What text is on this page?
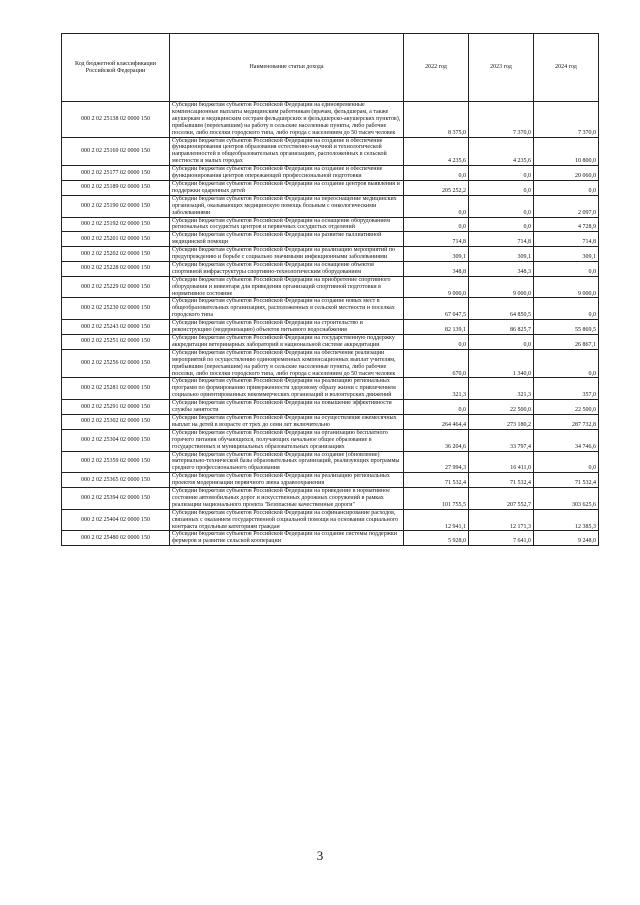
Код бюджетной классификации Российской Федерации	Наименование статьи дохода	2022 год	2023 год	2024 год
000 2 02 25138 02 0000 150	Субсидии бюджетам субъектов Российской Федерации на единовременные компенсационные выплаты медицинским работникам (врачам, фельдшерам, а также акушеркам и медицинским сестрам фельдшерских и фельдшерско-акушерских пунктов), прибывшим (переехавшим) на работу в сельские населенные пункты, либо рабочие поселки, либо поселки городского типа, либо города с населением до 50 тысяч человек	8 375,0	7 370,0	7 370,0
000 2 02 25169 02 0000 150	Субсидии бюджетам субъектов Российской Федерации на создание и обеспечение функционирования центров образования естественно-научной и технологической направленностей в общеобразовательных организациях, расположенных в сельской местности и малых городах	4 235,6	4 235,6	10 800,0
000 2 02 25177 02 0000 150	Субсидии бюджетам субъектов Российской Федерации на создание и обеспечение функционирования центров опережающей профессиональной подготовки	0,0	0,0	20 060,0
000 2 02 25189 02 0000 150	Субсидии бюджетам субъектов Российской Федерации на создание центров выявления и поддержки одаренных детей	205 252,2	0,0	0,0
000 2 02 25190 02 0000 150	Субсидии бюджетам субъектов Российской Федерации на переоснащение медицинских организаций, оказывающих медицинскую помощь больным с онкологическими заболеваниями	0,0	0,0	2 097,0
000 2 02 25192 02 0000 150	Субсидии бюджетам субъектов Российской Федерации на оснащение оборудованием региональных сосудистых центров и первичных сосудистых отделений	0,0	0,0	4 728,9
000 2 02 25201 02 0000 150	Субсидии бюджетам субъектов Российской Федерации на развитие паллиативной медицинской помощи	714,8	714,8	714,8
000 2 02 25202 02 0000 150	Субсидии бюджетам субъектов Российской Федерации на реализацию мероприятий по предупреждению и борьбе с социально значимыми инфекционными заболеваниями	309,1	309,1	309,1
000 2 02 25228 02 0000 150	Субсидии бюджетам субъектов Российской Федерации на оснащение объектов спортивной инфраструктуры спортивно-технологическим оборудованием	348,8	348,3	0,0
000 2 02 25229 02 0000 150	Субсидии бюджетам субъектов Российской Федерации на приобретение спортивного оборудования и инвентаря для приведения организаций спортивной подготовки в нормативное состояние	9 000,0	9 000,0	9 000,0
000 2 02 25230 02 0000 150	Субсидии бюджетам субъектов Российской Федерации на создание новых мест в общеобразовательных организациях, расположенных в сельской местности и поселках городского типа	67 047,5	64 850,5	0,0
000 2 02 25243 02 0000 150	Субсидии бюджетам субъектов Российской Федерации на строительство и реконструкцию (модернизацию) объектов питьевого водоснабжения	82 139,1	86 825,7	55 869,5
000 2 02 25251 02 0000 150	Субсидии бюджетам субъектов Российской Федерации на государственную поддержку аккредитации ветеринарных лабораторий в национальной системе аккредитации	0,0	0,0	26 867,1
000 2 02 25256 02 0000 150	Субсидии бюджетам субъектов Российской Федерации на обеспечение реализации мероприятий по осуществлению единовременных компенсационных выплат учителям, прибывшим (переехавшим) на работу в сельские населенные пункты, либо рабочие поселки, либо поселки городского типа, либо города с населением до 50 тысяч человек	670,0	1 340,0	0,0
000 2 02 25281 02 0000 150	Субсидии бюджетам субъектов Российской Федерации на реализацию региональных программ по формированию приверженности здоровому образу жизни с привлечением социально ориентированных некоммерческих организаций и волонтерских движений	321,3	321,3	357,0
000 2 02 25291 02 0000 150	Субсидии бюджетам субъектов Российской Федерации на повышение эффективности службы занятости	0,0	22 500,0	22 500,0
000 2 02 25302 02 0000 150	Субсидии бюджетам субъектов Российской Федерации на осуществление ежемесячных выплат на детей в возрасте от трех до семи лет включительно	264 464,4	273 180,2	287 732,8
000 2 02 25304 02 0000 150	Субсидии бюджетам субъектов Российской Федерации на организацию бесплатного горячего питания обучающихся, получающих начальное общее образование в государственных и муниципальных образовательных организациях	36 204,6	33 797,4	34 746,6
000 2 02 25359 02 0000 150	Субсидии бюджетам субъектов Российской Федерации на создание (обновление) материально-технической базы образовательных организаций, реализующих программы среднего профессионального образования	27 994,3	16 411,0	0,0
000 2 02 25365 02 0000 150	Субсидии бюджетам субъектов Российской Федерации на реализацию региональных проектов модернизации первичного звена здравоохранения	71 532,4	71 532,4	71 532,4
000 2 02 25394 02 0000 150	Субсидии бюджетам субъектов Российской Федерации на приведение в нормативное состояние автомобильных дорог и искусственных дорожных сооружений в рамках реализации национального проекта "Безопасные качественные дороги"	101 755,5	207 552,7	303 625,6
000 2 02 25404 02 0000 150	Субсидии бюджетам субъектов Российской Федерации на софинансирование расходов, связанных с оказанием государственной социальной помощи на основании социального контракта отдельным категориям граждан	12 941,1	12 171,3	12 385,3
000 2 02 25480 02 0000 150	Субсидии бюджетам субъектов Российской Федерации на создание системы поддержки фермеров и развитие сельской кооперации	5 928,0	7 641,0	9 248,0
3
